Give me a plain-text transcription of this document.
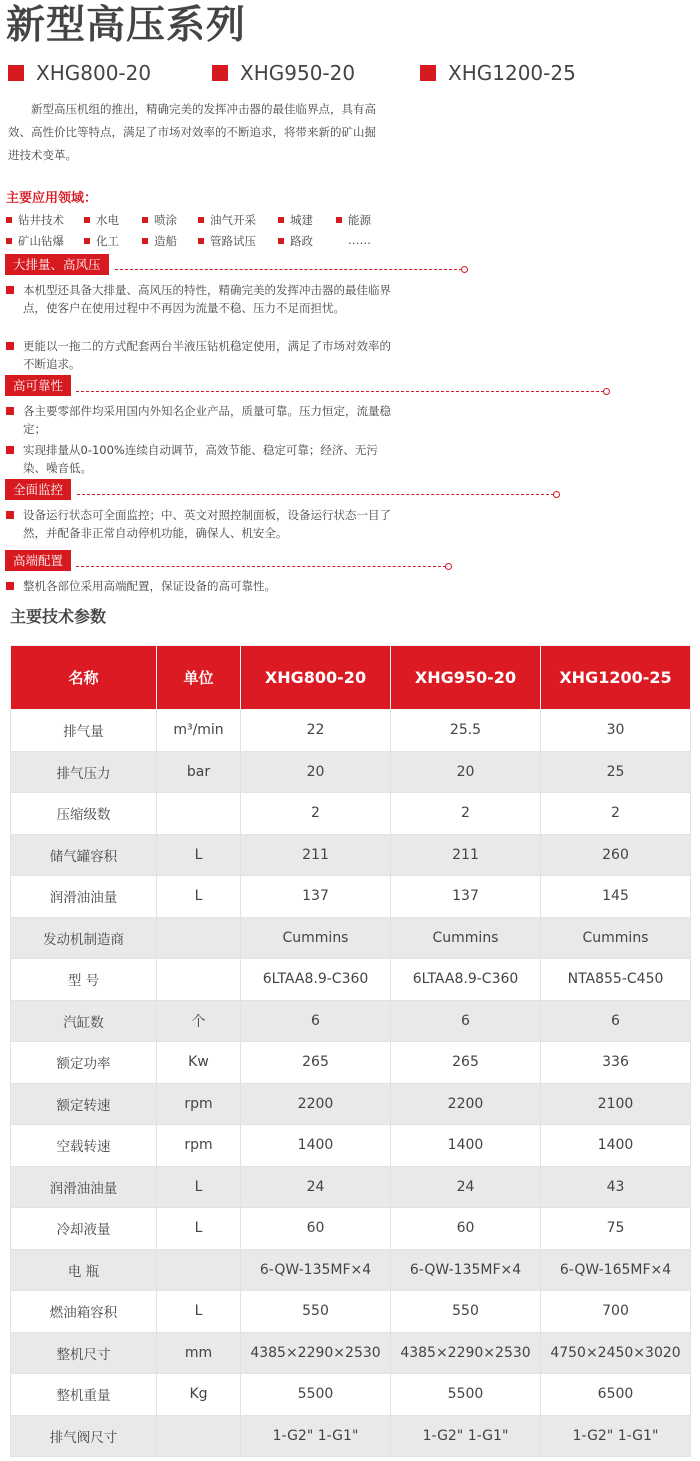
新型高压系列
XHG800-20	XHG950-20	XHG1200-25

新型高压机组的推出，精确完美的发挥冲击器的最佳临界点，具有高效、高性价比等特点，满足了市场对效率的不断追求，将带来新的矿山掘进技术变革。

主要应用领域：
钻井技术	水电	喷涂	油气开采	城建	能源
矿山钻爆	化工	造船	管路试压	路政	……
大排量、高风压
本机型还具备大排量、高风压的特性，精确完美的发挥冲击器的最佳临界点，使客户在使用过程中不再因为流量不稳、压力不足而担忧。
更能以一拖二的方式配套两台半液压钻机稳定使用，满足了市场对效率的不断追求。
高可靠性
各主要零部件均采用国内外知名企业产品，质量可靠。压力恒定，流量稳定；
实现排量从0-100%连续自动调节，高效节能、稳定可靠；经济、无污染、噪音低。
全面监控
设备运行状态可全面监控；中、英文对照控制面板，设备运行状态一目了然，并配备非正常自动停机功能，确保人、机安全。
高端配置
整机各部位采用高端配置，保证设备的高可靠性。
主要技术参数
名称	单位	XHG800-20	XHG950-20	XHG1200-25
排气量	m³/min	22	25.5	30
排气压力	bar	20	20	25
压缩级数		2	2	2
储气罐容积	L	211	211	260
润滑油油量	L	137	137	145
发动机制造商		Cummins	Cummins	Cummins
型 号		6LTAA8.9-C360	6LTAA8.9-C360	NTA855-C450
汽缸数	个	6	6	6
额定功率	Kw	265	265	336
额定转速	rpm	2200	2200	2100
空载转速	rpm	1400	1400	1400
润滑油油量	L	24	24	43
冷却液量	L	60	60	75
电 瓶		6-QW-135MF×4	6-QW-135MF×4	6-QW-165MF×4
燃油箱容积	L	550	550	700
整机尺寸	mm	4385×2290×2530	4385×2290×2530	4750×2450×3020
整机重量	Kg	5500	5500	6500
排气阀尺寸		1-G2" 1-G1"	1-G2" 1-G1"	1-G2" 1-G1"
